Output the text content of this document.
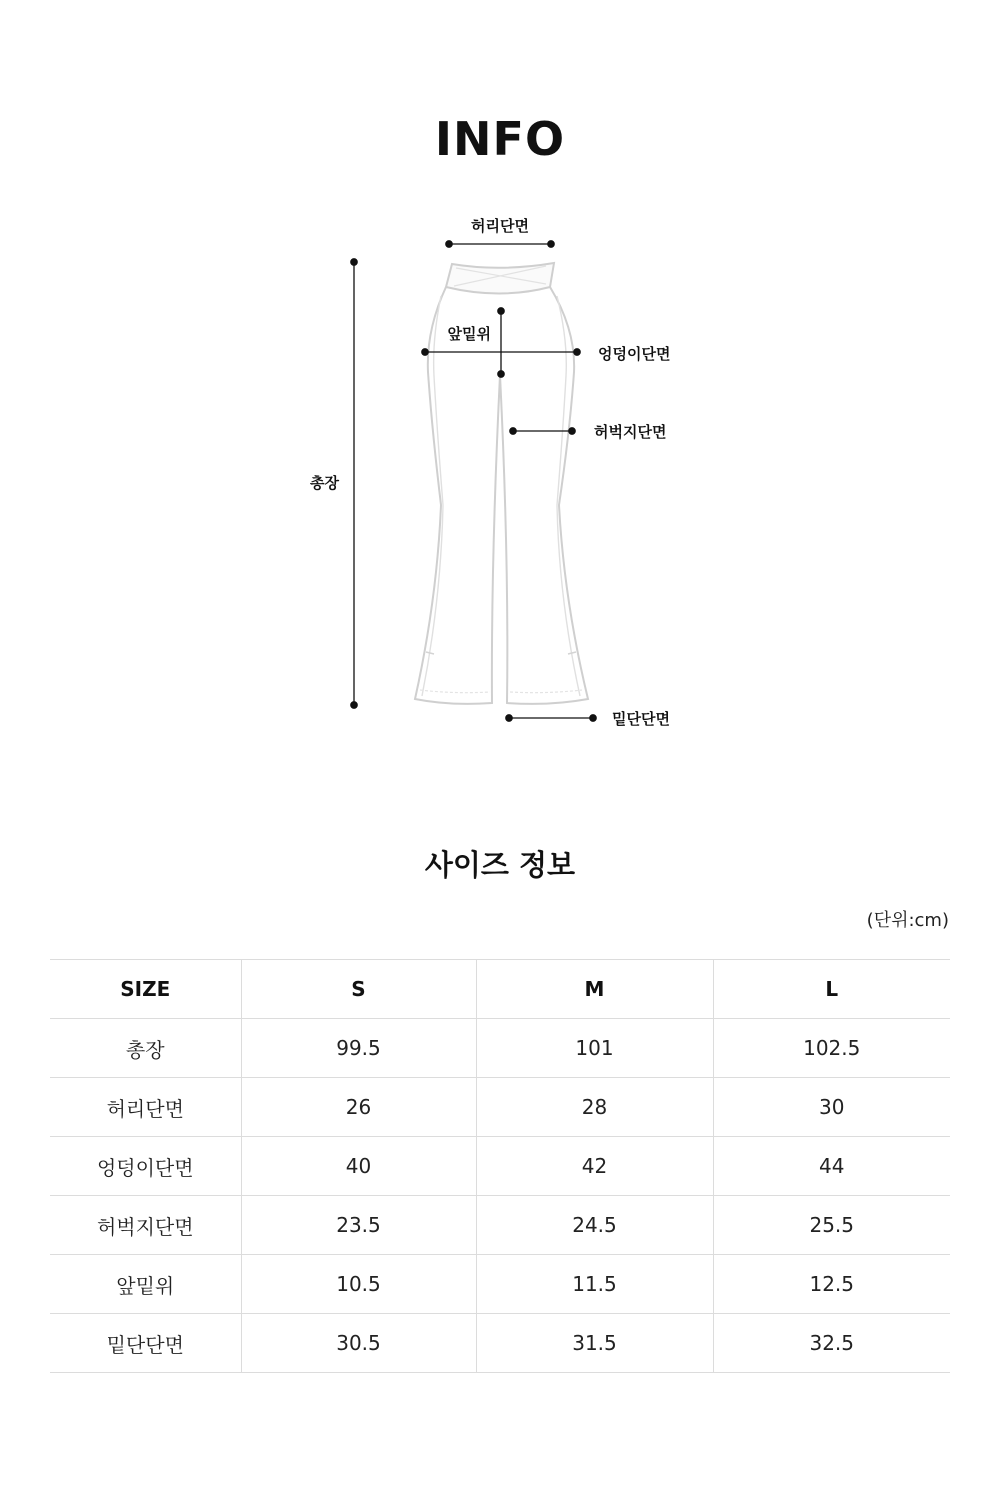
INFO
허리단면
앞밑위
엉덩이단면
허벅지단면
총장
밑단단면
사이즈 정보
(단위:cm)
SIZE	S	M	L
총장	99.5	101	102.5
허리단면	26	28	30
엉덩이단면	40	42	44
허벅지단면	23.5	24.5	25.5
앞밑위	10.5	11.5	12.5
밑단단면	30.5	31.5	32.5
